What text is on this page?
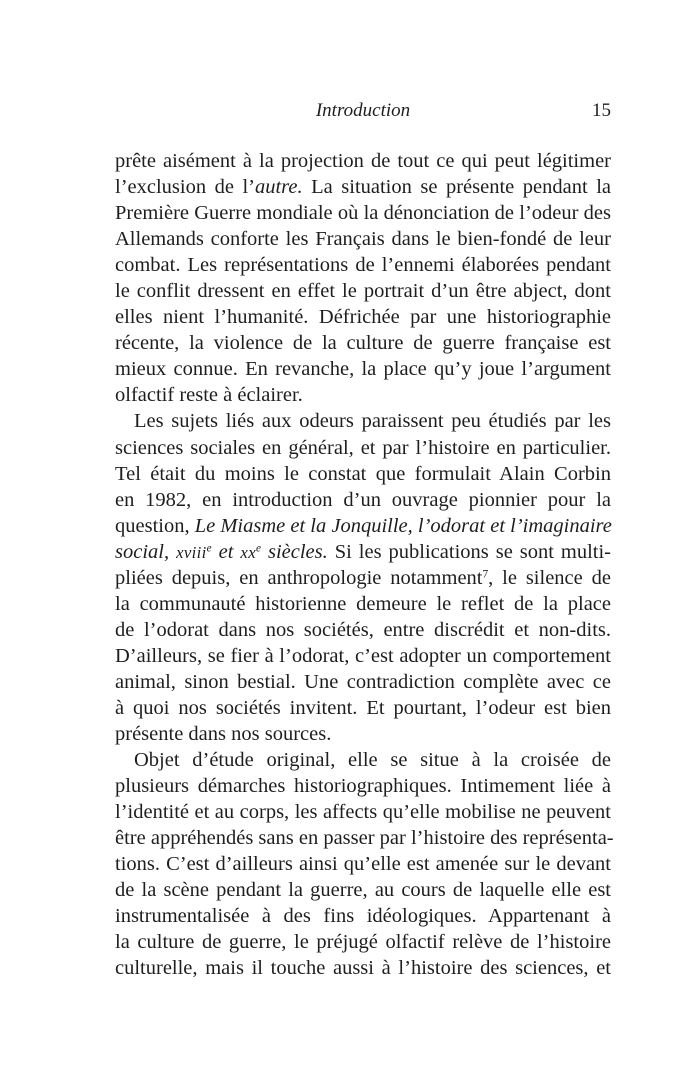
Introduction	15
prête aisément à la projection de tout ce qui peut légitimer
l’exclusion de l’autre. La situation se présente pendant la
Première Guerre mondiale où la dénonciation de l’odeur des
Allemands conforte les Français dans le bien-fondé de leur
combat. Les représentations de l’ennemi élaborées pendant
le conflit dressent en effet le portrait d’un être abject, dont
elles nient l’humanité. Défrichée par une historiographie
récente, la violence de la culture de guerre française est
mieux connue. En revanche, la place qu’y joue l’argument
olfactif reste à éclairer.
Les sujets liés aux odeurs paraissent peu étudiés par les
sciences sociales en général, et par l’histoire en particulier.
Tel était du moins le constat que formulait Alain Corbin
en 1982, en introduction d’un ouvrage pionnier pour la
question, Le Miasme et la Jonquille, l’odorat et l’imaginaire
social, xviii$^e$ et $xx^e$ siècles. Si les publications se sont multi-
pliées depuis, en anthropologie notamment$^7$, le silence de
la communauté historienne demeure le reflet de la place
de l’odorat dans nos sociétés, entre discrédit et non-dits.
D’ailleurs, se fier à l’odorat, c’est adopter un comportement
animal, sinon bestial. Une contradiction complète avec ce
à quoi nos sociétés invitent. Et pourtant, l’odeur est bien
présente dans nos sources.
Objet d’étude original, elle se situe à la croisée de
plusieurs démarches historiographiques. Intimement liée à
l’identité et au corps, les affects qu’elle mobilise ne peuvent
être appréhendés sans en passer par l’histoire des représenta-
tions. C’est d’ailleurs ainsi qu’elle est amenée sur le devant
de la scène pendant la guerre, au cours de laquelle elle est
instrumentalisée à des fins idéologiques. Appartenant à
la culture de guerre, le préjugé olfactif relève de l’histoire
culturelle, mais il touche aussi à l’histoire des sciences, et
